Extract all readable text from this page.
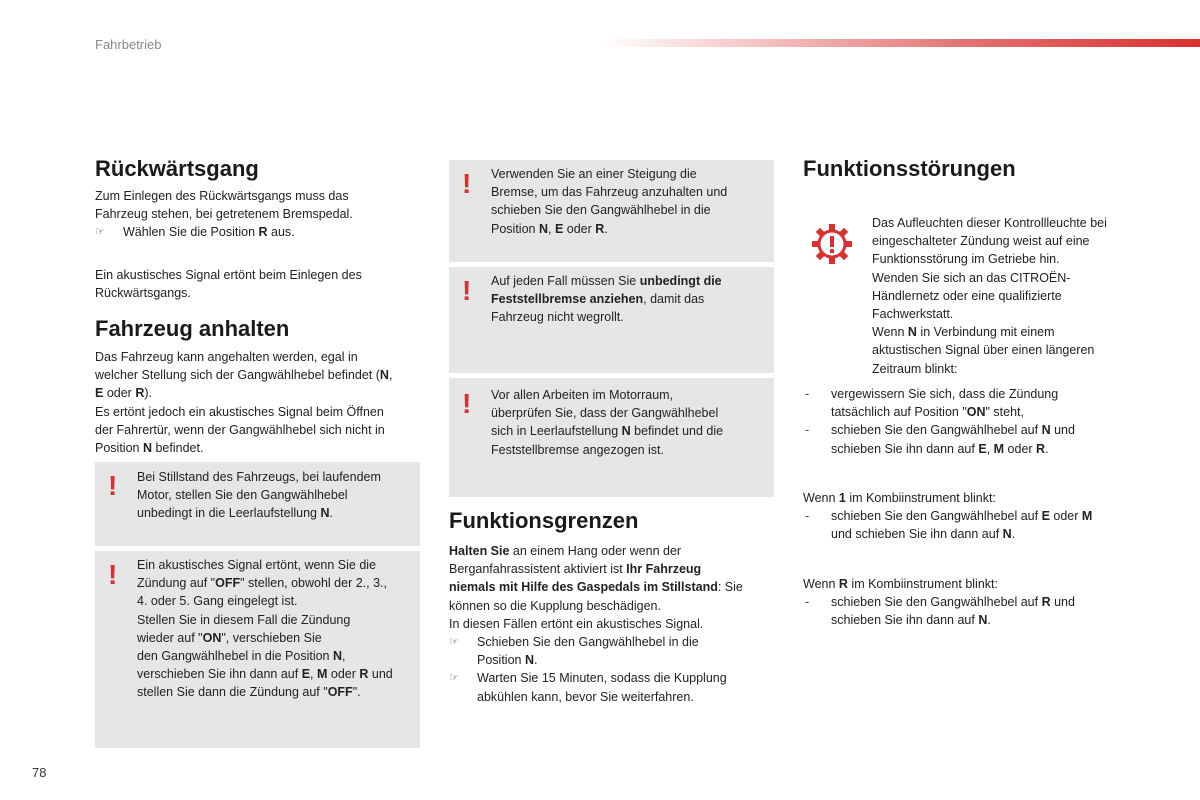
Fahrbetrieb
78
Rückwärtsgang

Zum Einlegen des Rückwärtsgangs muss das

Fahrzeug stehen, bei getretenem Bremspedal.

☞	Wählen Sie die Position R aus.

Ein akustisches Signal ertönt beim Einlegen des

Rückwärtsgangs.

Fahrzeug anhalten

Das Fahrzeug kann angehalten werden, egal in

welcher Stellung sich der Gangwählhebel befindet (N,

E oder R).

Es ertönt jedoch ein akustisches Signal beim Öffnen

der Fahrertür, wenn der Gangwählhebel sich nicht in

Position N befindet.

! Bei Stillstand des Fahrzeugs, bei laufendem

Motor, stellen Sie den Gangwählhebel

unbedingt in die Leerlaufstellung N.

! Ein akustisches Signal ertönt, wenn Sie die

Zündung auf "OFF" stellen, obwohl der 2., 3.,

4. oder 5. Gang eingelegt ist.

Stellen Sie in diesem Fall die Zündung

wieder auf "ON", verschieben Sie

den Gangwählhebel in die Position N,

verschieben Sie ihn dann auf E, M oder R und

stellen Sie dann die Zündung auf "OFF".

! Verwenden Sie an einer Steigung die

Bremse, um das Fahrzeug anzuhalten und

schieben Sie den Gangwählhebel in die

Position N, E oder R.

! Auf jeden Fall müssen Sie unbedingt die

Feststellbremse anziehen, damit das

Fahrzeug nicht wegrollt.

! Vor allen Arbeiten im Motorraum,

überprüfen Sie, dass der Gangwählhebel

sich in Leerlaufstellung N befindet und die

Feststellbremse angezogen ist.

Funktionsgrenzen

Halten Sie an einem Hang oder wenn der

Berganfahrassistent aktiviert ist Ihr Fahrzeug

niemals mit Hilfe des Gaspedals im Stillstand: Sie

können so die Kupplung beschädigen.

In diesen Fällen ertönt ein akustisches Signal.

☞	Schieben Sie den Gangwählhebel in die

Position N.

☞	Warten Sie 15 Minuten, sodass die Kupplung

abkühlen kann, bevor Sie weiterfahren.

Funktionsstörungen

Das Aufleuchten dieser Kontrollleuchte bei

eingeschalteter Zündung weist auf eine

Funktionsstörung im Getriebe hin.

Wenden Sie sich an das CITROËN-

Händlernetz oder eine qualifizierte

Fachwerkstatt.

Wenn N in Verbindung mit einem

aktustischen Signal über einen längeren

Zeitraum blinkt:

- vergewissern Sie sich, dass die Zündung

tatsächlich auf Position "ON" steht,

- schieben Sie den Gangwählhebel auf N und

schieben Sie ihn dann auf E, M oder R.

Wenn 1 im Kombiinstrument blinkt:

- schieben Sie den Gangwählhebel auf E oder M

und schieben Sie ihn dann auf N.

Wenn R im Kombiinstrument blinkt:

- schieben Sie den Gangwählhebel auf R und

schieben Sie ihn dann auf N.
